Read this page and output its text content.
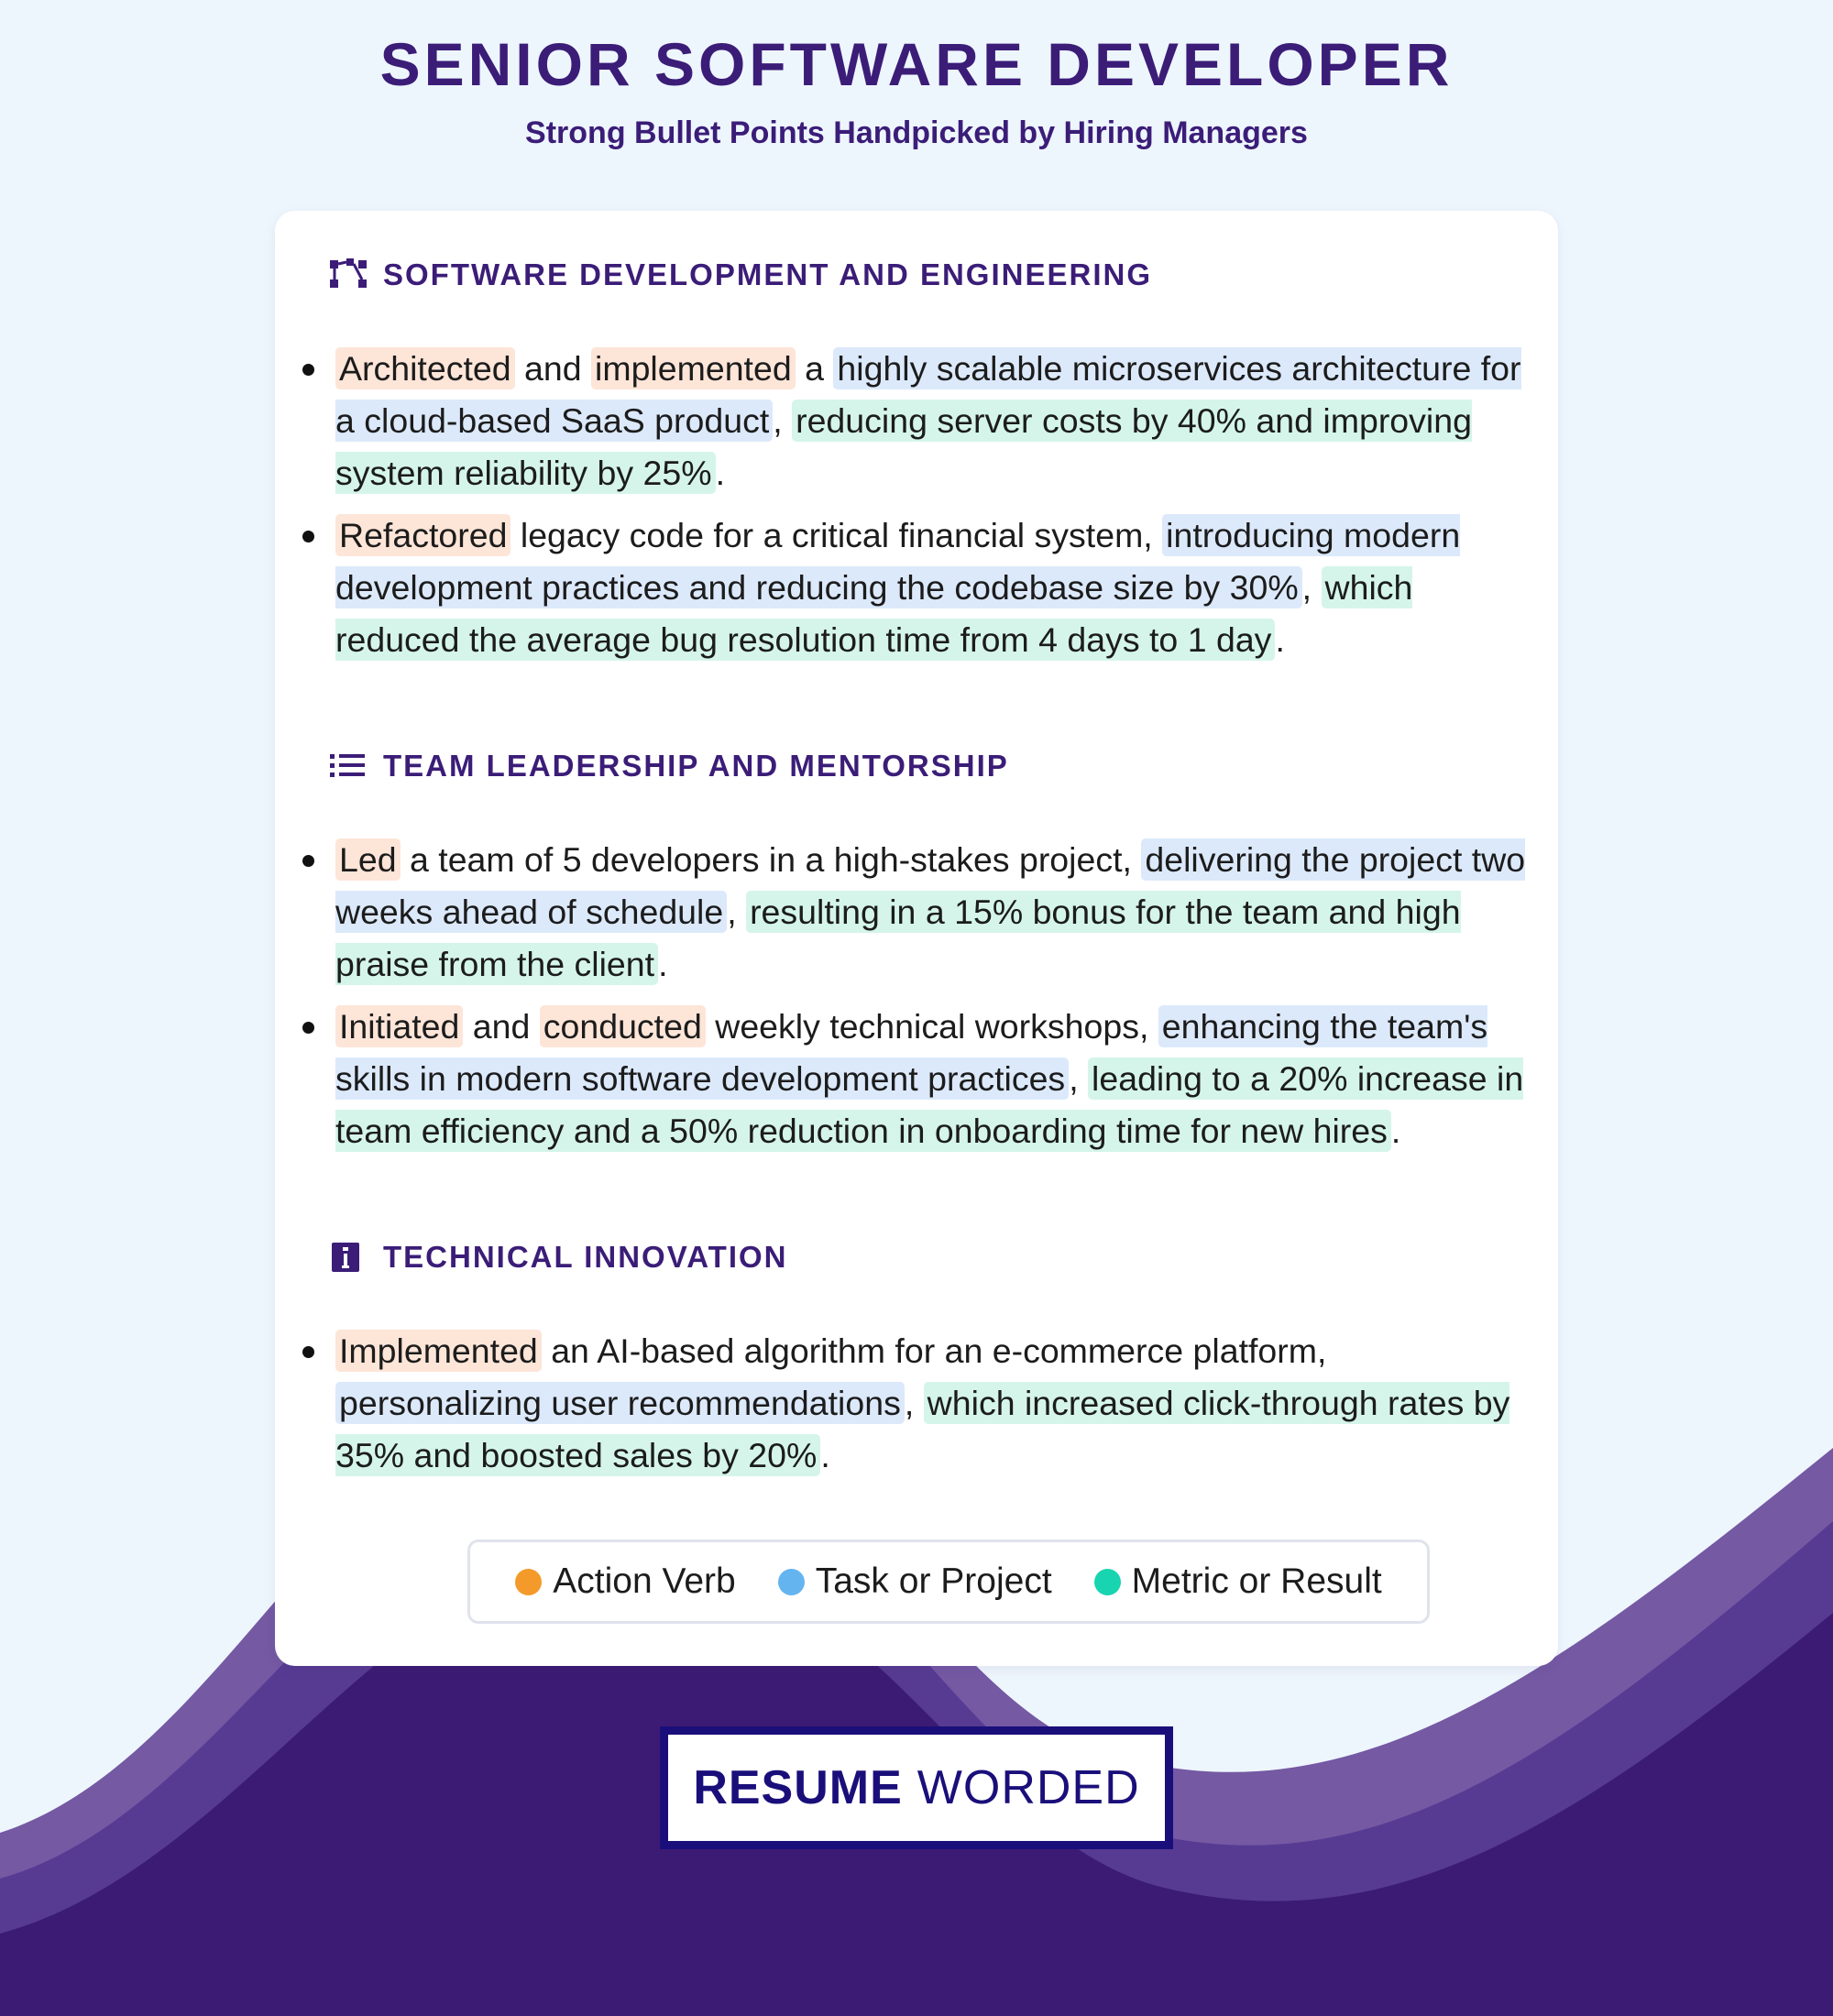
SENIOR SOFTWARE DEVELOPER
Strong Bullet Points Handpicked by Hiring Managers
SOFTWARE DEVELOPMENT AND ENGINEERING
Architected and implemented a highly scalable microservices architecture for a cloud-based SaaS product , reducing server costs by 40% and improving system reliability by 25% .
Refactored legacy code for a critical financial system, introducing modern development practices and reducing the codebase size by 30% , which reduced the average bug resolution time from 4 days to 1 day .
TEAM LEADERSHIP AND MENTORSHIP
Led a team of 5 developers in a high-stakes project, delivering the project two weeks ahead of schedule , resulting in a 15% bonus for the team and high praise from the client .
Initiated and conducted weekly technical workshops, enhancing the team's skills in modern software development practices , leading to a 20% increase in team efficiency and a 50% reduction in onboarding time for new hires .
TECHNICAL INNOVATION
Implemented an AI-based algorithm for an e-commerce platform, personalizing user recommendations , which increased click-through rates by 35% and boosted sales by 20% .
Action Verb Task or Project Metric or Result
RESUME WORDED
